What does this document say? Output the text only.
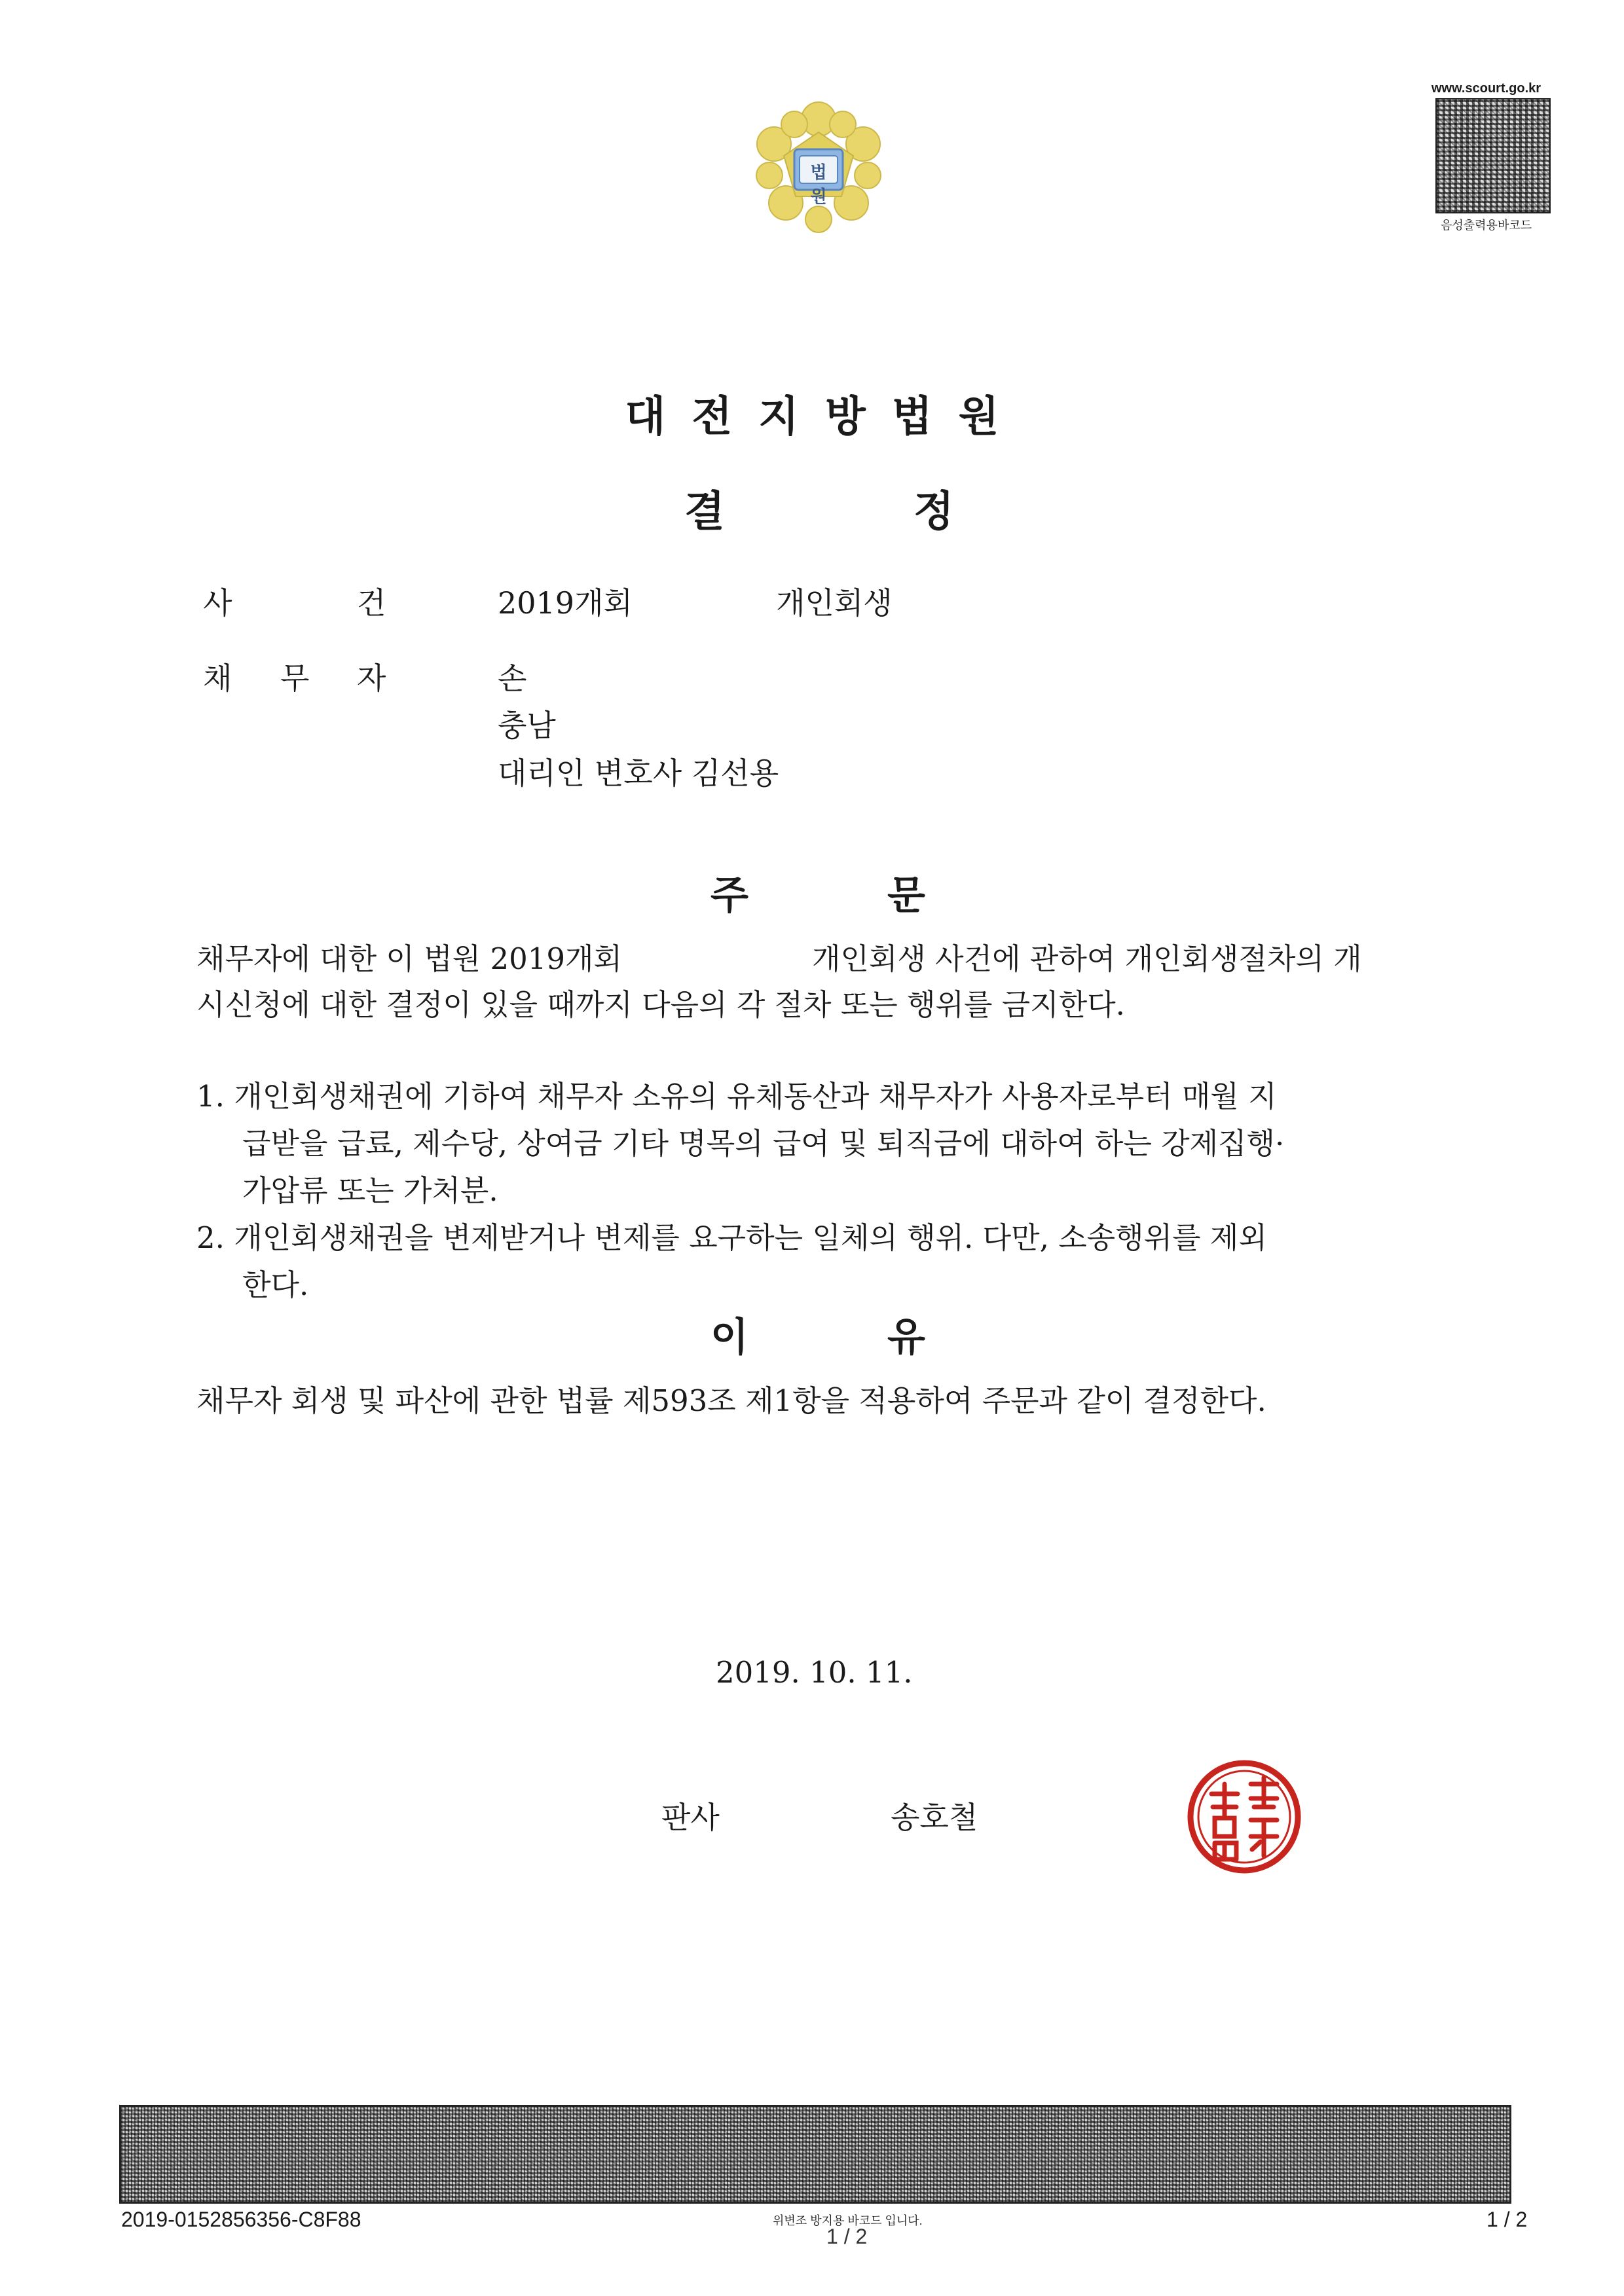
법원
www.scourt.go.kr
음성출력용바코드
대전지방법원
결	정
사	건	2019개회	개인회생
채 무 자	손
충남
대리인 변호사 김선용
주	문
채무자에 대한 이 법원 2019개회	개인회생 사건에 관하여 개인회생절차의 개
시신청에 대한 결정이 있을 때까지 다음의 각 절차 또는 행위를 금지한다.
1. 개인회생채권에 기하여 채무자 소유의 유체동산과 채무자가 사용자로부터 매월 지
급받을 급료, 제수당, 상여금 기타 명목의 급여 및 퇴직금에 대하여 하는 강제집행·
가압류 또는 가처분.
2. 개인회생채권을 변제받거나 변제를 요구하는 일체의 행위. 다만, 소송행위를 제외
한다.
이	유
채무자 회생 및 파산에 관한 법률 제593조 제1항을 적용하여 주문과 같이 결정한다.
2019. 10. 11.
판사	송호철
2019-0152856356-C8F88	위변조 방지용 바코드 입니다.
1 / 2
1 / 2
